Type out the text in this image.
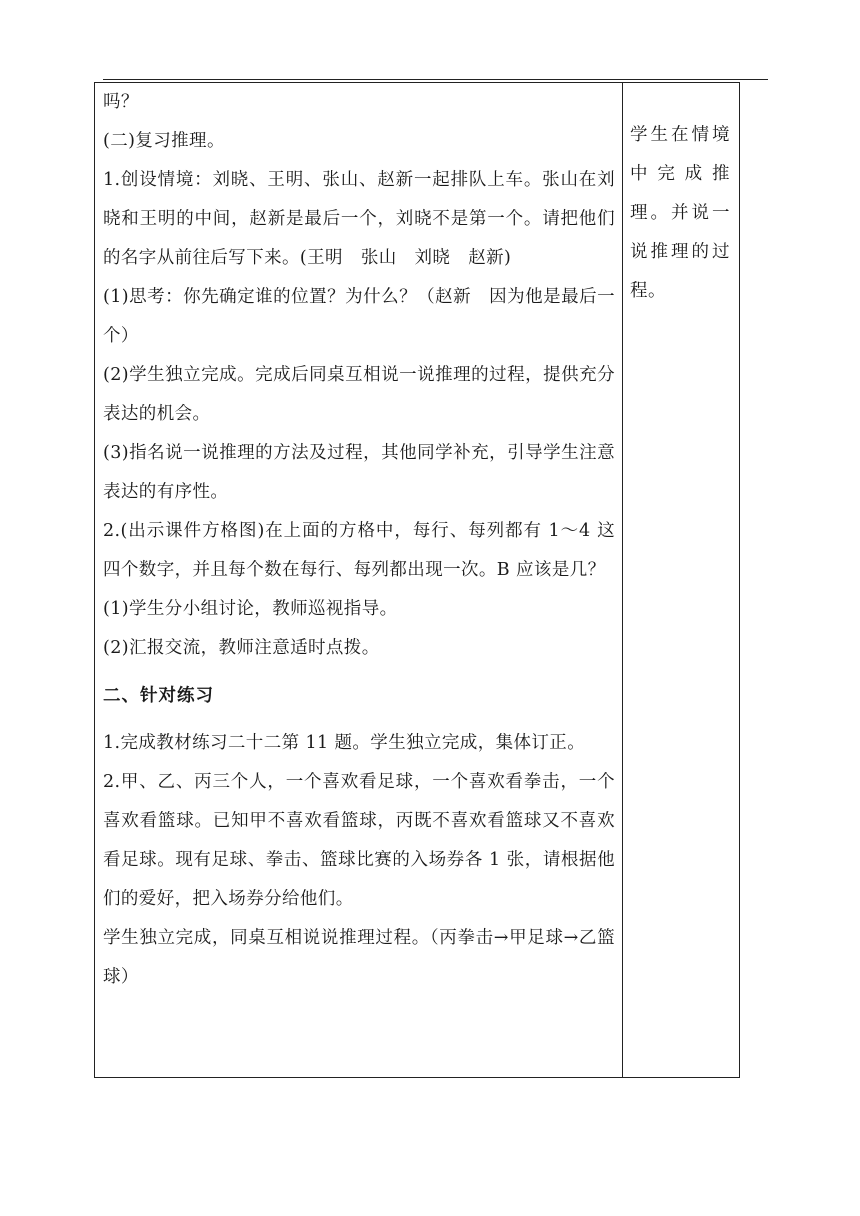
吗？

(二)复习推理。

1.创设情境：刘晓、王明、张山、赵新一起排队上车。张山在刘晓和王明的中间，赵新是最后一个，刘晓不是第一个。请把他们的名字从前往后写下来。(王明　张山　刘晓　赵新)

(1)思考：你先确定谁的位置？为什么？（赵新　因为他是最后一个）

(2)学生独立完成。完成后同桌互相说一说推理的过程，提供充分表达的机会。

(3)指名说一说推理的方法及过程，其他同学补充，引导学生注意表达的有序性。

2.(出示课件方格图)在上面的方格中，每行、每列都有 1～4 这四个数字，并且每个数在每行、每列都出现一次。B 应该是几？

(1)学生分小组讨论，教师巡视指导。

(2)汇报交流，教师注意适时点拨。

二、针对练习

1.完成教材练习二十二第 11 题。学生独立完成，集体订正。

2.甲、乙、丙三个人，一个喜欢看足球，一个喜欢看拳击，一个喜欢看篮球。已知甲不喜欢看篮球，丙既不喜欢看篮球又不喜欢看足球。现有足球、拳击、篮球比赛的入场券各 1 张，请根据他们的爱好，把入场券分给他们。

学生独立完成，同桌互相说说推理过程。（丙拳击→甲足球→乙篮球）

学生在情境中完成推理。并说一说推理的过程。
